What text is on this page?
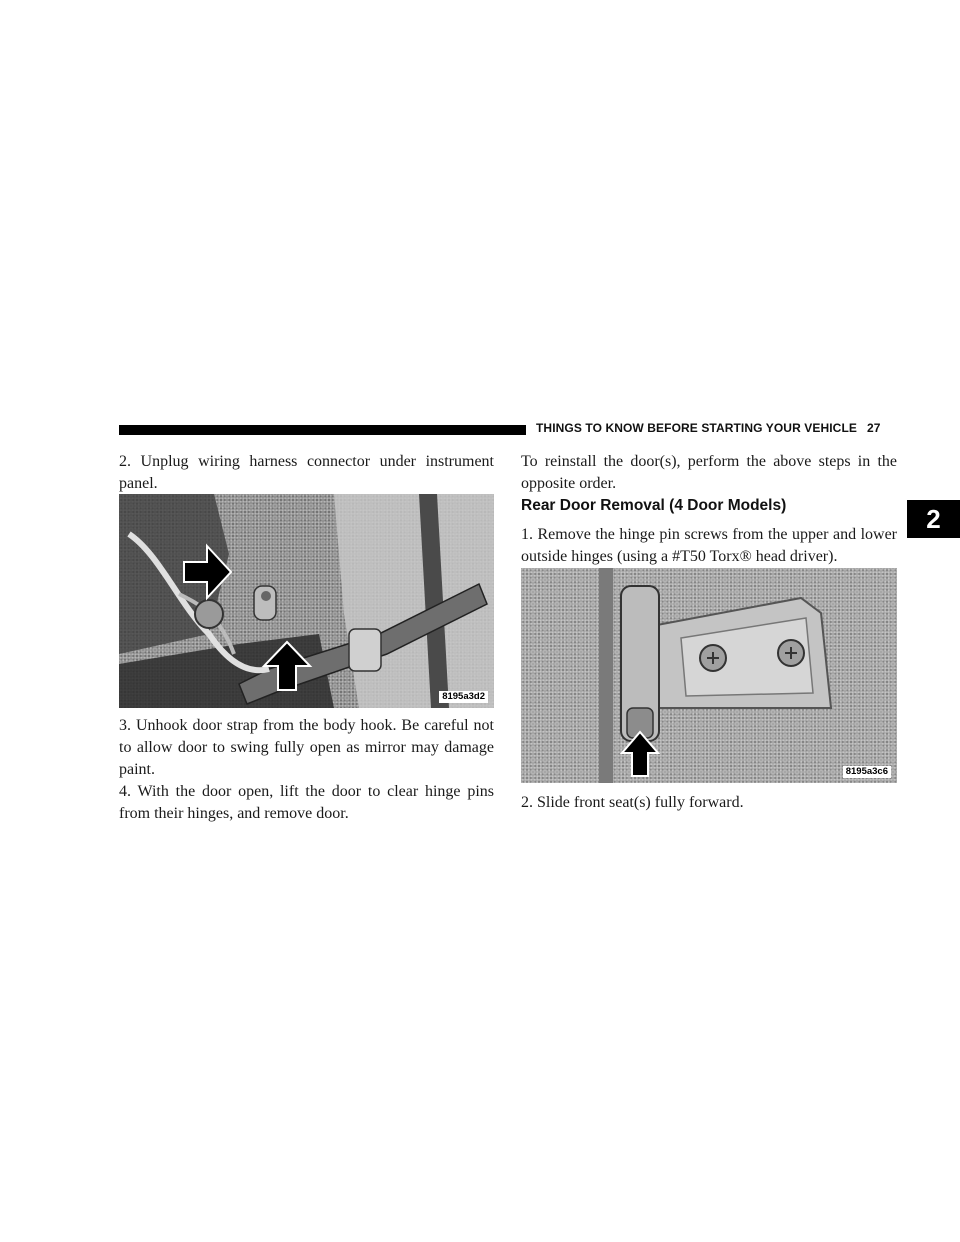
THINGS TO KNOW BEFORE STARTING YOUR VEHICLE 27
2

2. Unplug wiring harness connector under instrument panel.

8195a3d2

3. Unhook door strap from the body hook. Be careful not to allow door to swing fully open as mirror may damage paint.

4. With the door open, lift the door to clear hinge pins from their hinges, and remove door.

To reinstall the door(s), perform the above steps in the opposite order.

Rear Door Removal (4 Door Models)

1. Remove the hinge pin screws from the upper and lower outside hinges (using a #T50 Torx® head driver).

8195a3c6

2. Slide front seat(s) fully forward.
